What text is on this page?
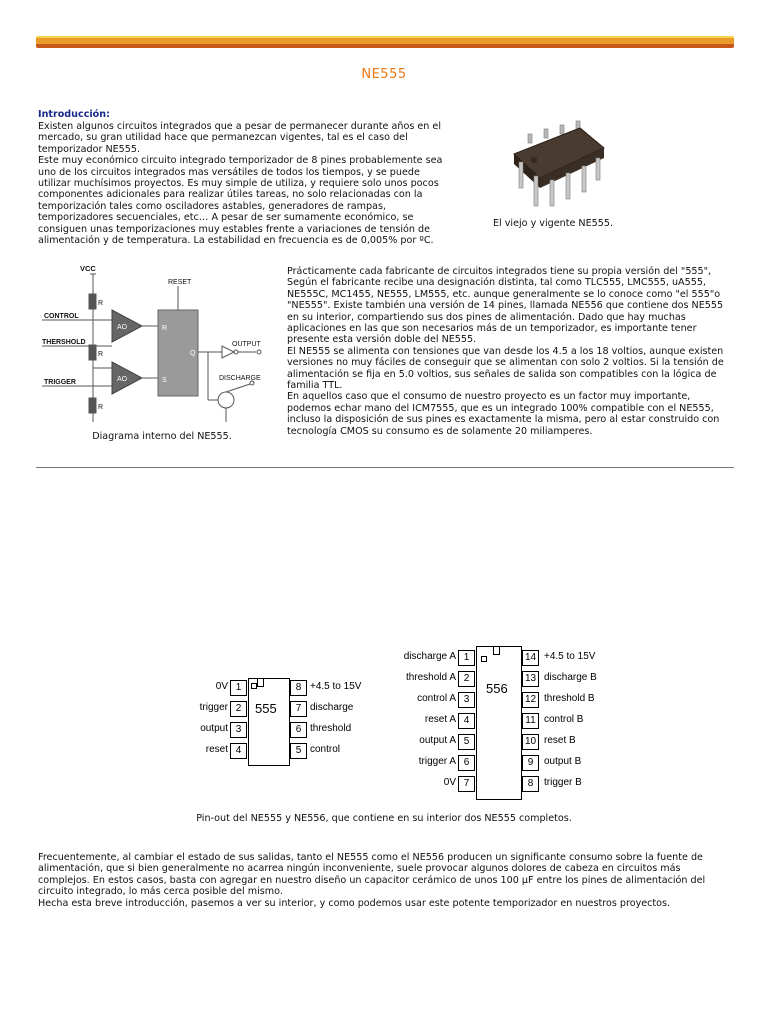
NE555
Introducción:
Existen algunos circuitos integrados que a pesar de permanecer durante años en el
mercado, su gran utilidad hace que permanezcan vigentes, tal es el caso del
temporizador NE555.
Este muy económico circuito integrado temporizador de 8 pines probablemente sea
uno de los circuitos integrados mas versátiles de todos los tiempos, y se puede
utilizar muchísimos proyectos. Es muy simple de utiliza, y requiere solo unos pocos
componentes adicionales para realizar útiles tareas, no solo relacionadas con la
temporización tales como osciladores astables, generadores de rampas,
temporizadores secuenciales, etc… A pesar de ser sumamente económico, se
consiguen unas temporizaciones muy estables frente a variaciones de tensión de
alimentación y de temperatura. La estabilidad en frecuencia es de 0,005% por ºC.
El viejo y vigente NE555.
VCC
RESET
CONTROL
THERSHOLD
TRIGGER
OUTPUT
DISCHARGE
R
R
R
AO
AO
R
S
Q
Diagrama interno del NE555.
Prácticamente cada fabricante de circuitos integrados tiene su propia versión del "555",
Según el fabricante recibe una designación distinta, tal como TLC555, LMC555, uA555,
NE555C, MC1455, NE555, LM555, etc. aunque generalmente se lo conoce como "el 555"o
"NE555". Existe también una versión de 14 pines, llamada NE556 que contiene dos NE555
en su interior, compartiendo sus dos pines de alimentación. Dado que hay muchas
aplicaciones en las que son necesarios más de un temporizador, es importante tener
presente esta versión doble del NE555.
El NE555 se alimenta con tensiones que van desde los 4.5 a los 18 voltios, aunque existen
versiones no muy fáciles de conseguir que se alimentan con solo 2 voltios. Si la tensión de
alimentación se fija en 5.0 voltios, sus señales de salida son compatibles con la lógica de
familia TTL.
En aquellos caso que el consumo de nuestro proyecto es un factor muy importante,
podemos echar mano del ICM7555, que es un integrado 100% compatible con el NE555,
incluso la disposición de sus pines es exactamente la misma, pero al estar construido con
tecnología CMOS su consumo es de solamente 20 miliamperes.
555
1
0V
2
trigger
3
output
4
reset
8 +4.5 to 15V
7 discharge
6 threshold
5 control
556
1
discharge A
2
threshold A
3
control A
4
reset A
5
output A
6
trigger A
7
0V
14 +4.5 to 15V
13 discharge B
12 threshold B
11 control B
10 reset B
9	output B
8	trigger B
Pin-out del NE555 y NE556, que contiene en su interior dos NE555 completos.
Frecuentemente, al cambiar el estado de sus salidas, tanto el NE555 como el NE556 producen un significante consumo sobre la fuente de
alimentación, que si bien generalmente no acarrea ningún inconveniente, suele provocar algunos dolores de cabeza en circuitos más
complejos. En estos casos, basta con agregar en nuestro diseño un capacitor cerámico de unos 100 µF entre los pines de alimentación del
circuito integrado, lo más cerca posible del mismo.
Hecha esta breve introducción, pasemos a ver su interior, y como podemos usar este potente temporizador en nuestros proyectos.
